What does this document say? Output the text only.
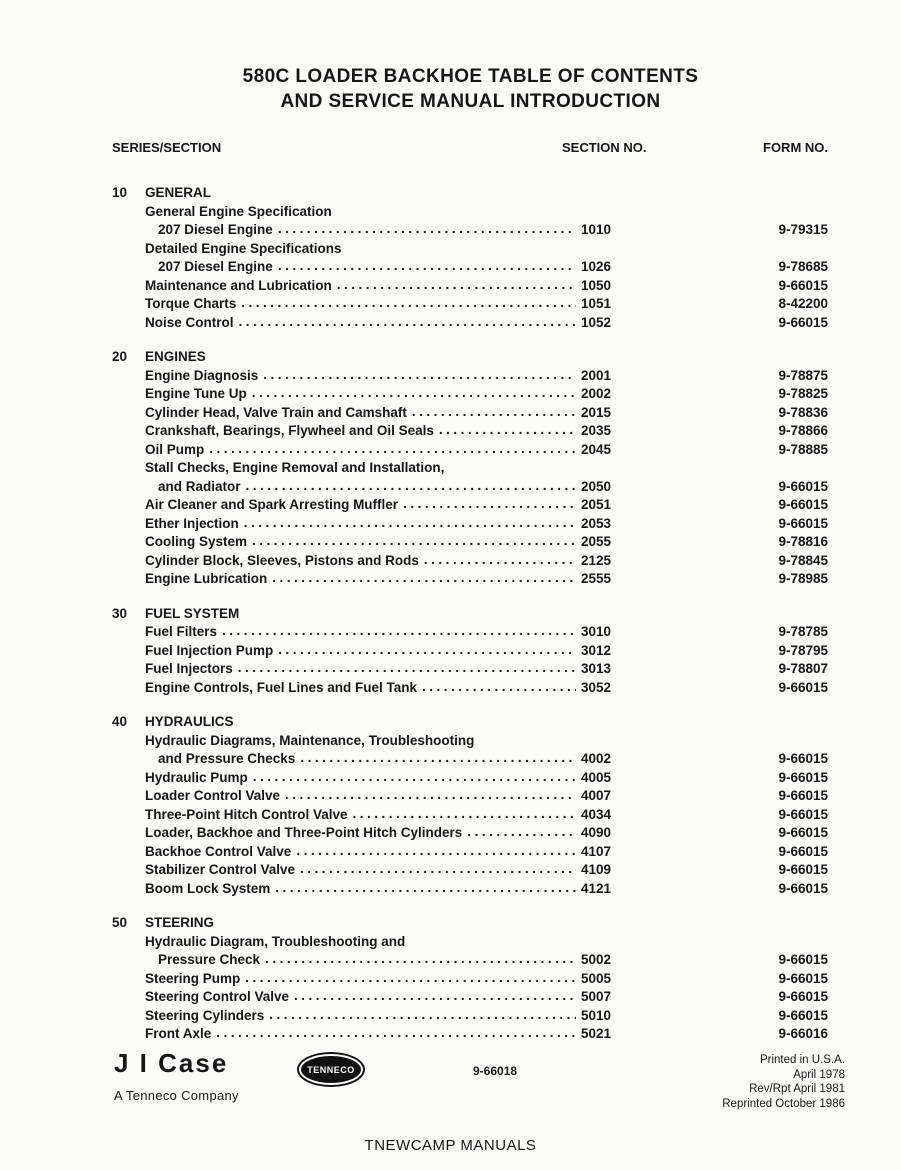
580C LOADER BACKHOE TABLE OF CONTENTS
AND SERVICE MANUAL INTRODUCTION
SERIES/SECTION	SECTION NO.	FORM NO.
10	GENERAL
General Engine Specification
207 Diesel Engine .....	1010	9-79315
Detailed Engine Specifications
207 Diesel Engine .....	1026	9-78685
Maintenance and Lubrication .....	1050	9-66015
Torque Charts .....	1051	8-42200
Noise Control .....	1052	9-66015
20	ENGINES
Engine Diagnosis .....	2001	9-78875
Engine Tune Up .....	2002	9-78825
Cylinder Head, Valve Train and Camshaft .....	2015	9-78836
Crankshaft, Bearings, Flywheel and Oil Seals .....	2035	9-78866
Oil Pump .....	2045	9-78885
Stall Checks, Engine Removal and Installation,
and Radiator .....	2050	9-66015
Air Cleaner and Spark Arresting Muffler .....	2051	9-66015
Ether Injection .....	2053	9-66015
Cooling System .....	2055	9-78816
Cylinder Block, Sleeves, Pistons and Rods .....	2125	9-78845
Engine Lubrication .....	2555	9-78985
30	FUEL SYSTEM
Fuel Filters .....	3010	9-78785
Fuel Injection Pump .....	3012	9-78795
Fuel Injectors .....	3013	9-78807
Engine Controls, Fuel Lines and Fuel Tank .....	3052	9-66015
40	HYDRAULICS
Hydraulic Diagrams, Maintenance, Troubleshooting
and Pressure Checks .....	4002	9-66015
Hydraulic Pump .....	4005	9-66015
Loader Control Valve .....	4007	9-66015
Three-Point Hitch Control Valve .....	4034	9-66015
Loader, Backhoe and Three-Point Hitch Cylinders .....	4090	9-66015
Backhoe Control Valve .....	4107	9-66015
Stabilizer Control Valve .....	4109	9-66015
Boom Lock System .....	4121	9-66015
50	STEERING
Hydraulic Diagram, Troubleshooting and
Pressure Check .....	5002	9-66015
Steering Pump .....	5005	9-66015
Steering Control Valve .....	5007	9-66015
Steering Cylinders .....	5010	9-66015
Front Axle .....	5021	9-66016
J I Case
A Tenneco Company
TENNECO	9-66018
Printed in U.S.A.
April 1978
Rev/Rpt April 1981
Reprinted October 1986
TNEWCAMP MANUALS
